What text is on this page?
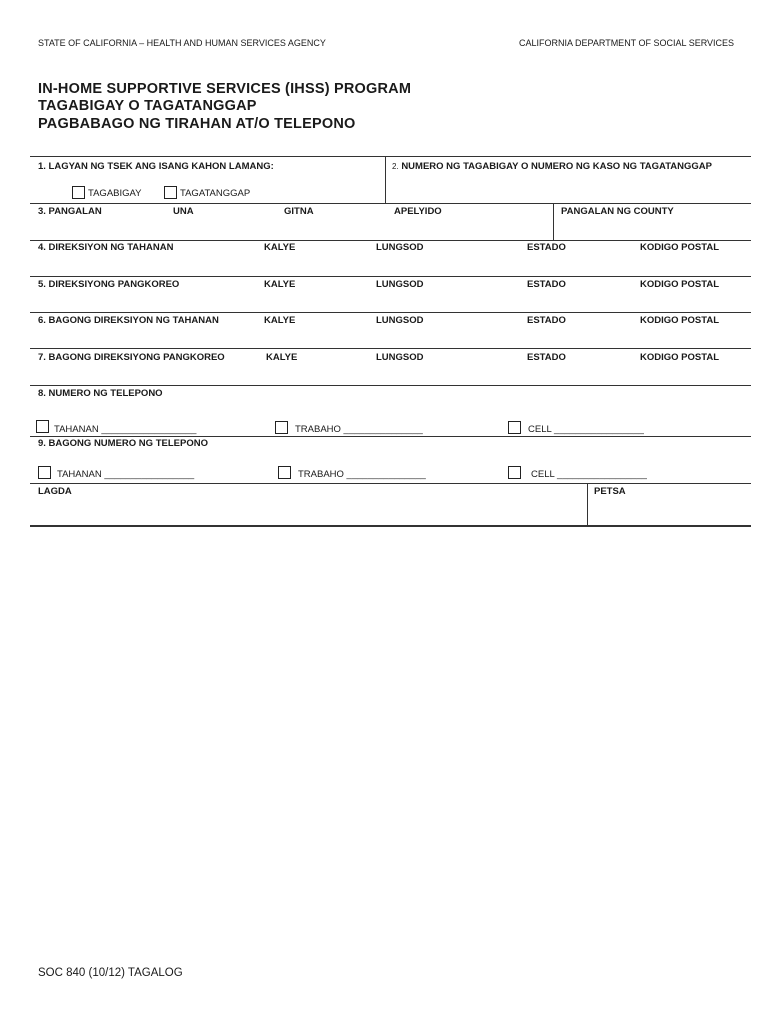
STATE OF CALIFORNIA – HEALTH AND HUMAN SERVICES AGENCY	CALIFORNIA DEPARTMENT OF SOCIAL SERVICES
IN-HOME SUPPORTIVE SERVICES (IHSS) PROGRAM
TAGABIGAY O TAGATANGGAP
PAGBABAGO NG TIRAHAN AT/O TELEPONO
1. LAGYAN NG TSEK ANG ISANG KAHON LAMANG:	2. NUMERO NG TAGABIGAY O NUMERO NG KASO NG TAGATANGGAP
TAGABIGAY	TAGATANGGAP
3. PANGALAN	UNA	GITNA	APELYIDO	PANGALAN NG COUNTY
4. DIREKSIYON NG TAHANAN	KALYE	LUNGSOD	ESTADO	KODIGO POSTAL
5. DIREKSIYONG PANGKOREO	KALYE	LUNGSOD	ESTADO	KODIGO POSTAL
6. BAGONG DIREKSIYON NG TAHANAN	KALYE	LUNGSOD	ESTADO	KODIGO POSTAL
7. BAGONG DIREKSIYONG PANGKOREO	KALYE	LUNGSOD	ESTADO	KODIGO POSTAL
8. NUMERO NG TELEPONO
TAHANAN __________________	TRABAHO _______________	CELL _________________
9. BAGONG NUMERO NG TELEPONO
TAHANAN _________________	TRABAHO _______________	CELL _________________
LAGDA	PETSA
SOC 840 (10/12) TAGALOG
